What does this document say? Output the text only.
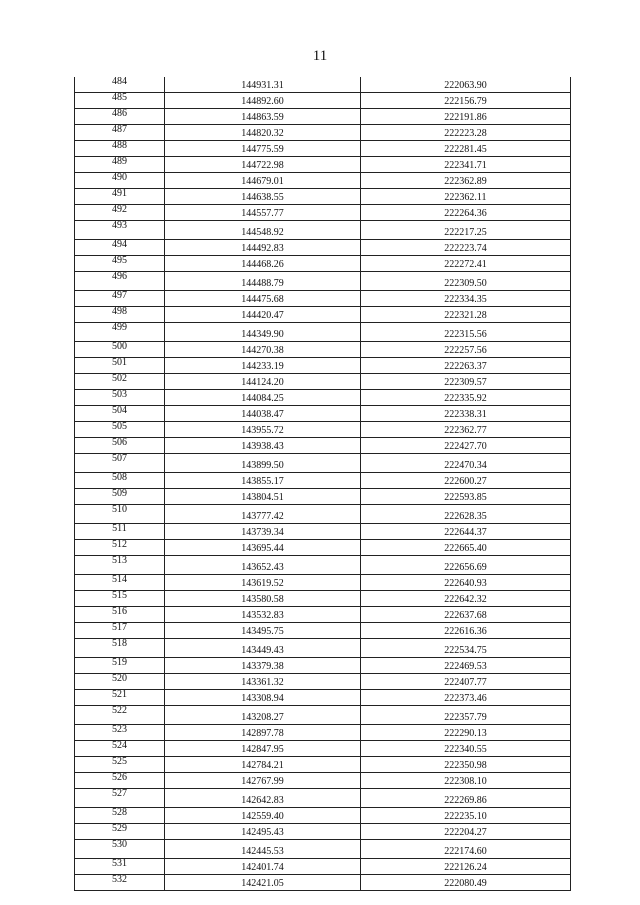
11
484	144931.31	222063.90
485	144892.60	222156.79
486	144863.59	222191.86
487	144820.32	222223.28
488	144775.59	222281.45
489	144722.98	222341.71
490	144679.01	222362.89
491	144638.55	222362.11
492	144557.77	222264.36
493	144548.92	222217.25
494	144492.83	222223.74
495	144468.26	222272.41
496	144488.79	222309.50
497	144475.68	222334.35
498	144420.47	222321.28
499	144349.90	222315.56
500	144270.38	222257.56
501	144233.19	222263.37
502	144124.20	222309.57
503	144084.25	222335.92
504	144038.47	222338.31
505	143955.72	222362.77
506	143938.43	222427.70
507	143899.50	222470.34
508	143855.17	222600.27
509	143804.51	222593.85
510	143777.42	222628.35
511	143739.34	222644.37
512	143695.44	222665.40
513	143652.43	222656.69
514	143619.52	222640.93
515	143580.58	222642.32
516	143532.83	222637.68
517	143495.75	222616.36
518	143449.43	222534.75
519	143379.38	222469.53
520	143361.32	222407.77
521	143308.94	222373.46
522	143208.27	222357.79
523	142897.78	222290.13
524	142847.95	222340.55
525	142784.21	222350.98
526	142767.99	222308.10
527	142642.83	222269.86
528	142559.40	222235.10
529	142495.43	222204.27
530	142445.53	222174.60
531	142401.74	222126.24
532	142421.05	222080.49
